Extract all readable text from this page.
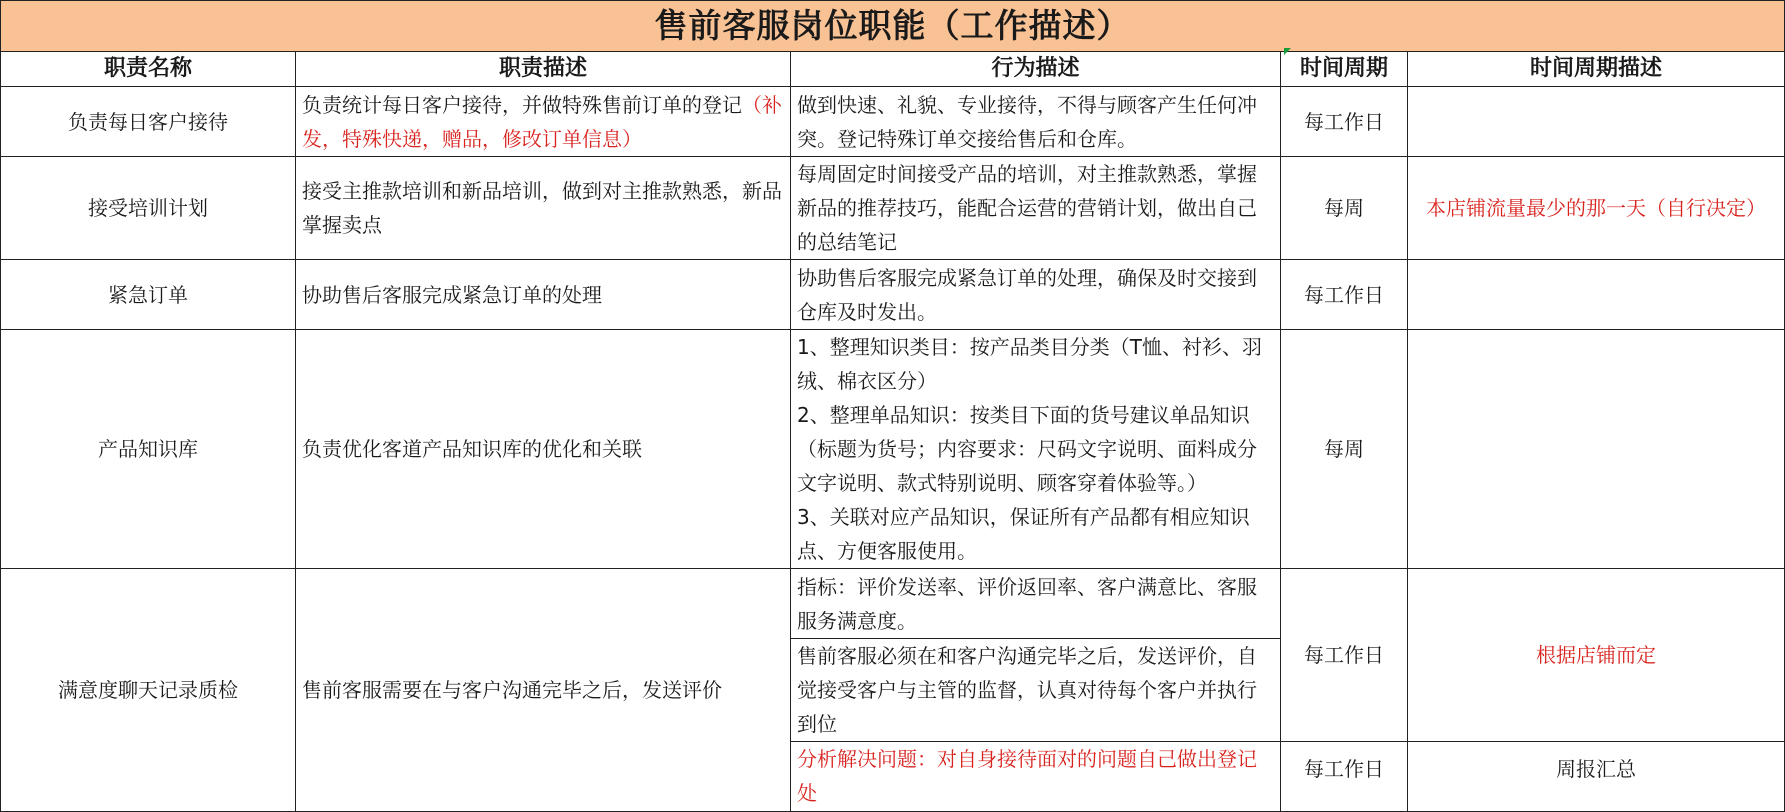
售前客服岗位职能（工作描述）				
职责名称	职责描述	行为描述	时间周期	时间周期描述
负责每日客户接待	负责统计每日客户接待，并做特殊售前订单的登记（补发，特殊快递，赠品，修改订单信息）	做到快速、礼貌、专业接待，不得与顾客产生任何冲突。登记特殊订单交接给售后和仓库。	每工作日	
接受培训计划	接受主推款培训和新品培训，做到对主推款熟悉，新品掌握卖点	每周固定时间接受产品的培训，对主推款熟悉，掌握新品的推荐技巧，能配合运营的营销计划，做出自己的总结笔记	每周	本店铺流量最少的那一天（自行决定）
紧急订单	协助售后客服完成紧急订单的处理	协助售后客服完成紧急订单的处理，确保及时交接到仓库及时发出。	每工作日	
产品知识库	负责优化客道产品知识库的优化和关联	1、整理知识类目：按产品类目分类（T恤、衬衫、羽绒、棉衣区分）
2、整理单品知识：按类目下面的货号建议单品知识（标题为货号；内容要求：尺码文字说明、面料成分文字说明、款式特别说明、顾客穿着体验等。）
3、关联对应产品知识，保证所有产品都有相应知识点、方便客服使用。	每周	
满意度聊天记录质检	售前客服需要在与客户沟通完毕之后，发送评价	指标：评价发送率、评价返回率、客户满意比、客服服务满意度。	每工作日	根据店铺而定
		售前客服必须在和客户沟通完毕之后，发送评价，自觉接受客户与主管的监督，认真对待每个客户并执行到位		
		分析解决问题：对自身接待面对的问题自己做出登记处	每工作日	周报汇总
